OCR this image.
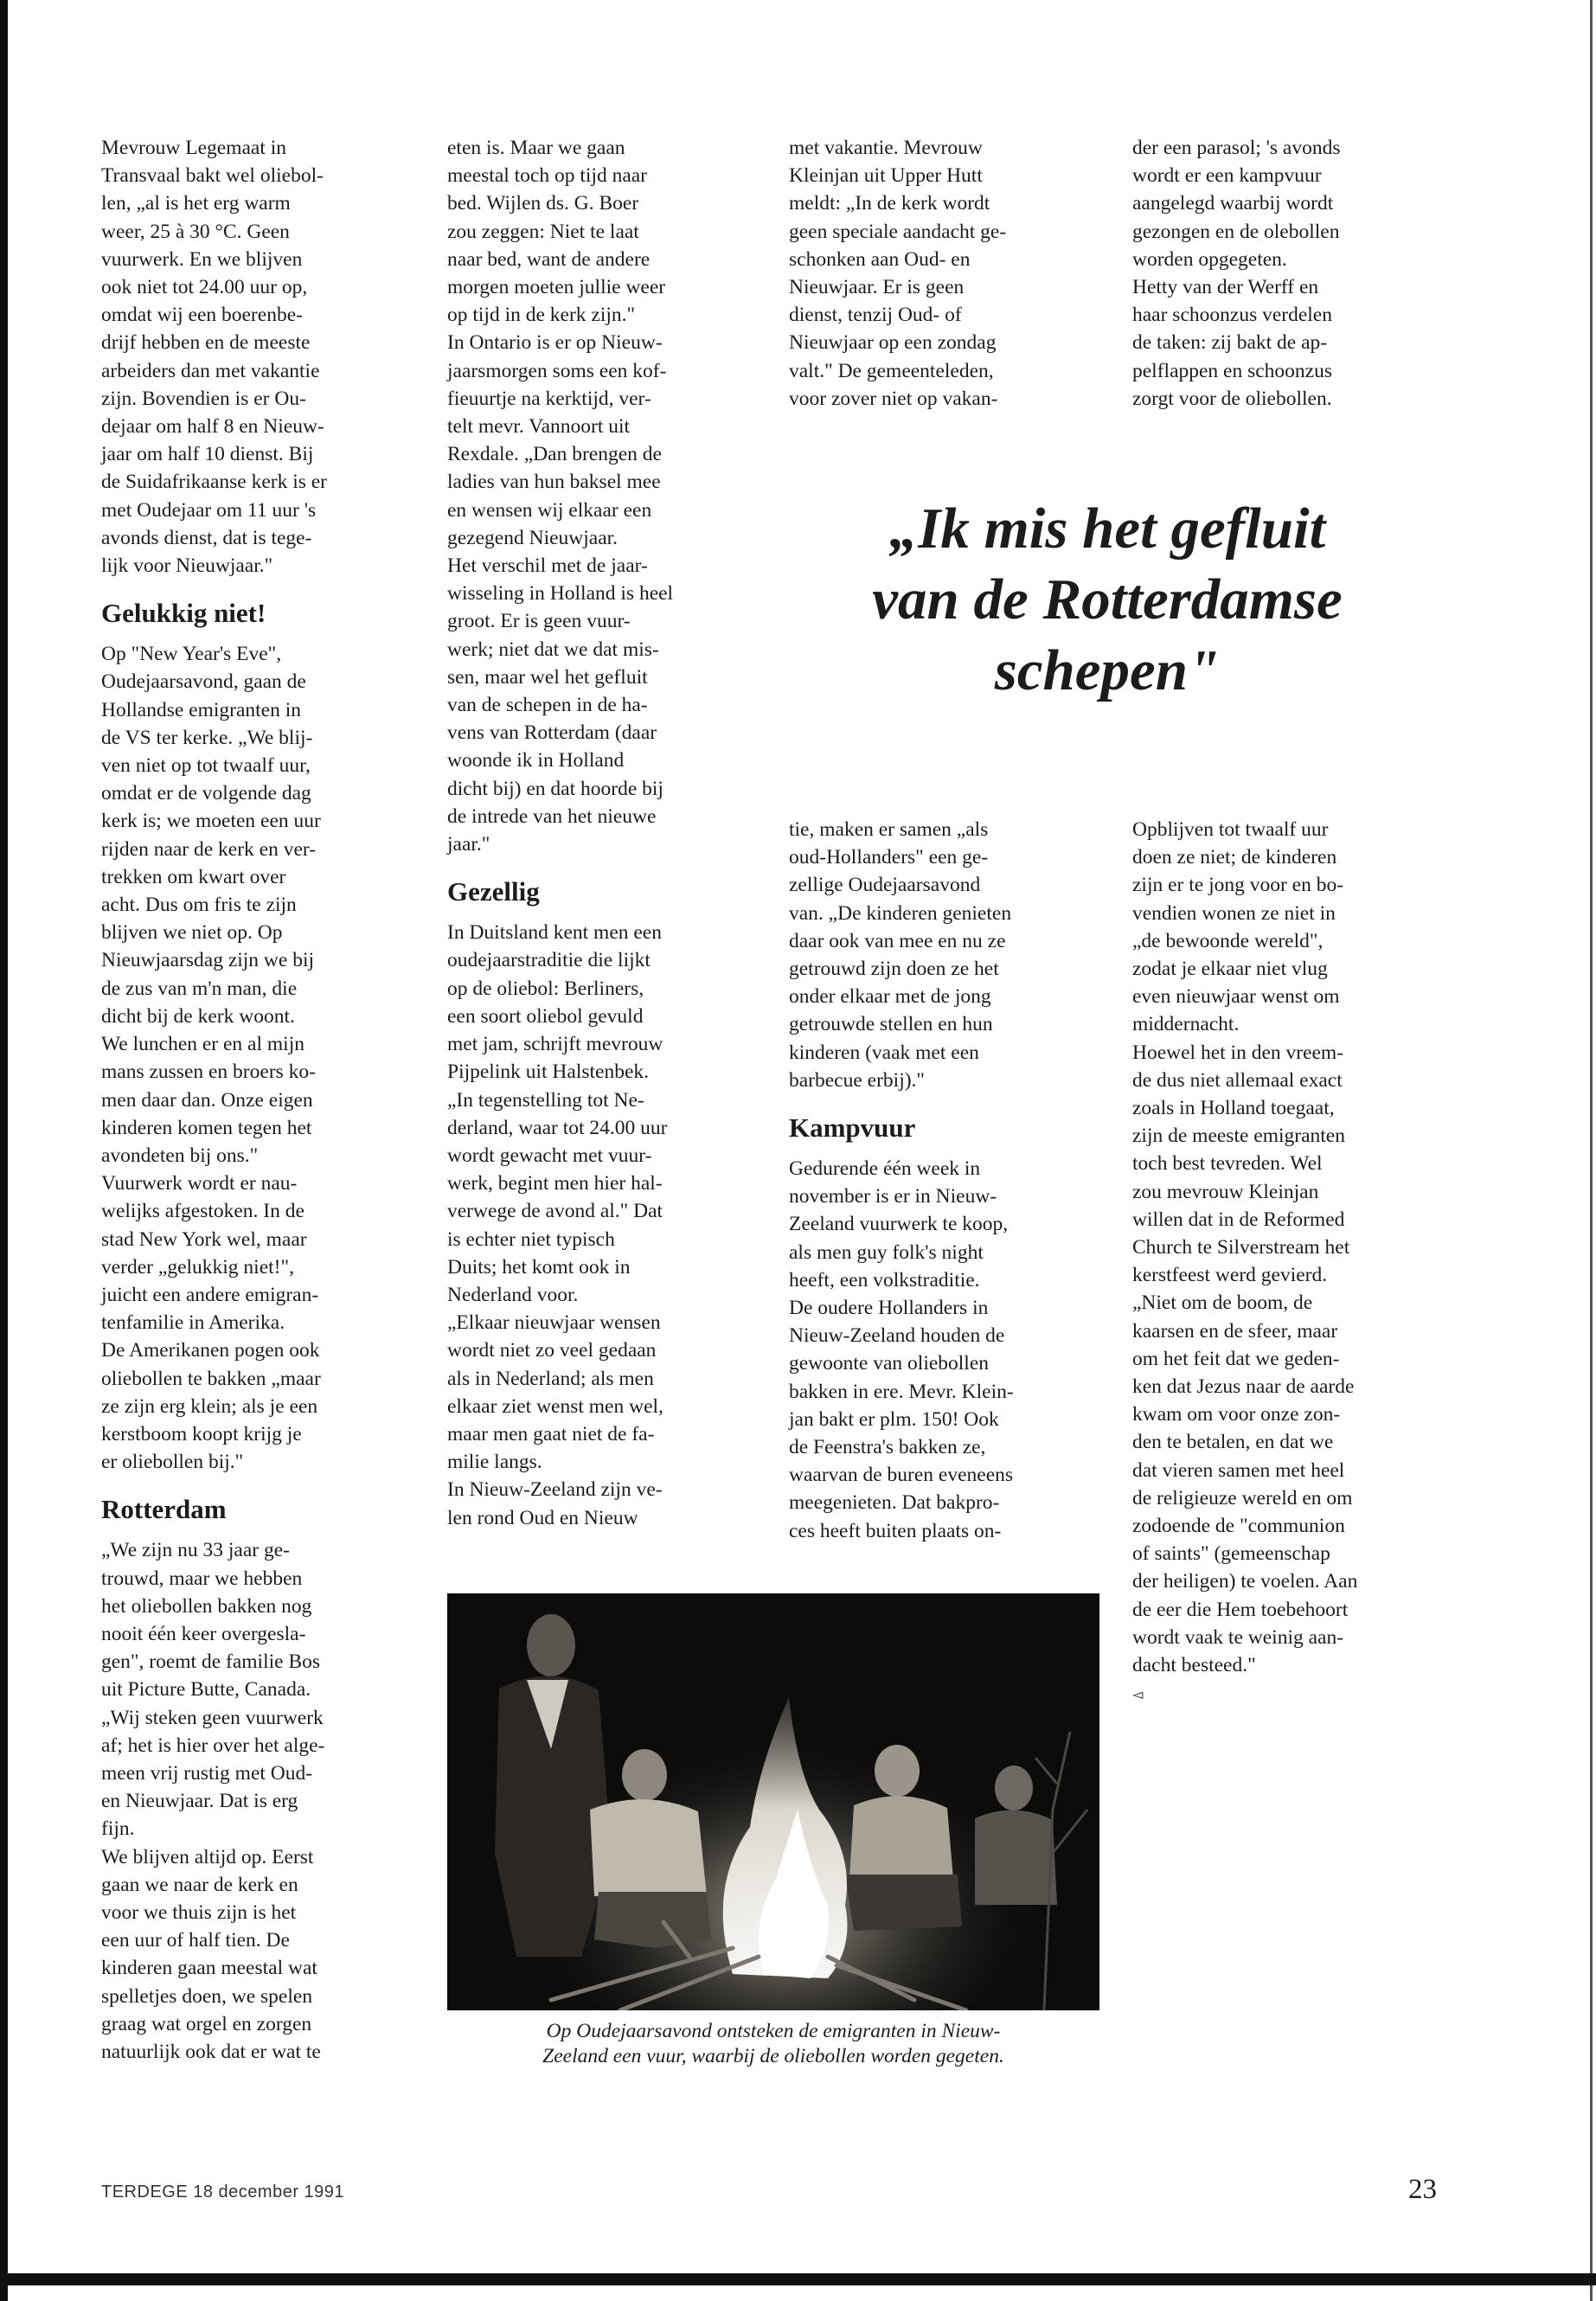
Mevrouw Legemaat in
Transvaal bakt wel oliebol-
len, „al is het erg warm
weer, 25 à 30 °C. Geen
vuurwerk. En we blijven
ook niet tot 24.00 uur op,
omdat wij een boerenbe-
drijf hebben en de meeste
arbeiders dan met vakantie
zijn. Bovendien is er Ou-
dejaar om half 8 en Nieuw-
jaar om half 10 dienst. Bij
de Suidafrikaanse kerk is er
met Oudejaar om 11 uur 's
avonds dienst, dat is tege-
lijk voor Nieuwjaar."
Gelukkig niet!
Op "New Year's Eve",
Oudejaarsavond, gaan de
Hollandse emigranten in
de VS ter kerke. „We blij-
ven niet op tot twaalf uur,
omdat er de volgende dag
kerk is; we moeten een uur
rijden naar de kerk en ver-
trekken om kwart over
acht. Dus om fris te zijn
blijven we niet op. Op
Nieuwjaarsdag zijn we bij
de zus van m'n man, die
dicht bij de kerk woont.
We lunchen er en al mijn
mans zussen en broers ko-
men daar dan. Onze eigen
kinderen komen tegen het
avondeten bij ons."
Vuurwerk wordt er nau-
welijks afgestoken. In de
stad New York wel, maar
verder „gelukkig niet!",
juicht een andere emigran-
tenfamilie in Amerika.
De Amerikanen pogen ook
oliebollen te bakken „maar
ze zijn erg klein; als je een
kerstboom koopt krijg je
er oliebollen bij."
Rotterdam
„We zijn nu 33 jaar ge-
trouwd, maar we hebben
het oliebollen bakken nog
nooit één keer overgesla-
gen", roemt de familie Bos
uit Picture Butte, Canada.
„Wij steken geen vuurwerk
af; het is hier over het alge-
meen vrij rustig met Oud-
en Nieuwjaar. Dat is erg
fijn.
We blijven altijd op. Eerst
gaan we naar de kerk en
voor we thuis zijn is het
een uur of half tien. De
kinderen gaan meestal wat
spelletjes doen, we spelen
graag wat orgel en zorgen
natuurlijk ook dat er wat te
eten is. Maar we gaan
meestal toch op tijd naar
bed. Wijlen ds. G. Boer
zou zeggen: Niet te laat
naar bed, want de andere
morgen moeten jullie weer
op tijd in de kerk zijn."
In Ontario is er op Nieuw-
jaarsmorgen soms een kof-
fieuurtje na kerktijd, ver-
telt mevr. Vannoort uit
Rexdale. „Dan brengen de
ladies van hun baksel mee
en wensen wij elkaar een
gezegend Nieuwjaar.
Het verschil met de jaar-
wisseling in Holland is heel
groot. Er is geen vuur-
werk; niet dat we dat mis-
sen, maar wel het gefluit
van de schepen in de ha-
vens van Rotterdam (daar
woonde ik in Holland
dicht bij) en dat hoorde bij
de intrede van het nieuwe
jaar."
Gezellig
In Duitsland kent men een
oudejaarstraditie die lijkt
op de oliebol: Berliners,
een soort oliebol gevuld
met jam, schrijft mevrouw
Pijpelink uit Halstenbek.
„In tegenstelling tot Ne-
derland, waar tot 24.00 uur
wordt gewacht met vuur-
werk, begint men hier hal-
verwege de avond al." Dat
is echter niet typisch
Duits; het komt ook in
Nederland voor.
„Elkaar nieuwjaar wensen
wordt niet zo veel gedaan
als in Nederland; als men
elkaar ziet wenst men wel,
maar men gaat niet de fa-
milie langs.
In Nieuw-Zeeland zijn ve-
len rond Oud en Nieuw
met vakantie. Mevrouw
Kleinjan uit Upper Hutt
meldt: „In de kerk wordt
geen speciale aandacht ge-
schonken aan Oud- en
Nieuwjaar. Er is geen
dienst, tenzij Oud- of
Nieuwjaar op een zondag
valt." De gemeenteleden,
voor zover niet op vakan-
tie, maken er samen „als
oud-Hollanders" een ge-
zellige Oudejaarsavond
van. „De kinderen genieten
daar ook van mee en nu ze
getrouwd zijn doen ze het
onder elkaar met de jong
getrouwde stellen en hun
kinderen (vaak met een
barbecue erbij)."
Kampvuur
Gedurende één week in
november is er in Nieuw-
Zeeland vuurwerk te koop,
als men guy folk's night
heeft, een volkstraditie.
De oudere Hollanders in
Nieuw-Zeeland houden de
gewoonte van oliebollen
bakken in ere. Mevr. Klein-
jan bakt er plm. 150! Ook
de Feenstra's bakken ze,
waarvan de buren eveneens
meegenieten. Dat bakpro-
ces heeft buiten plaats on-
der een parasol; 's avonds
wordt er een kampvuur
aangelegd waarbij wordt
gezongen en de olebollen
worden opgegeten.
Hetty van der Werff en
haar schoonzus verdelen
de taken: zij bakt de ap-
pelflappen en schoonzus
zorgt voor de oliebollen.
Opblijven tot twaalf uur
doen ze niet; de kinderen
zijn er te jong voor en bo-
vendien wonen ze niet in
„de bewoonde wereld",
zodat je elkaar niet vlug
even nieuwjaar wenst om
middernacht.
Hoewel het in den vreem-
de dus niet allemaal exact
zoals in Holland toegaat,
zijn de meeste emigranten
toch best tevreden. Wel
zou mevrouw Kleinjan
willen dat in de Reformed
Church te Silverstream het
kerstfeest werd gevierd.
„Niet om de boom, de
kaarsen en de sfeer, maar
om het feit dat we geden-
ken dat Jezus naar de aarde
kwam om voor onze zon-
den te betalen, en dat we
dat vieren samen met heel
de religieuze wereld en om
zodoende de "communion
of saints" (gemeenschap
der heiligen) te voelen. Aan
de eer die Hem toebehoort
wordt vaak te weinig aan-
dacht besteed."
◅
„Ik mis het gefluit
van de Rotterdamse
schepen"
Op Oudejaarsavond ontsteken de emigranten in Nieuw-
Zeeland een vuur, waarbij de oliebollen worden gegeten.
TERDEGE 18 december 1991	23
